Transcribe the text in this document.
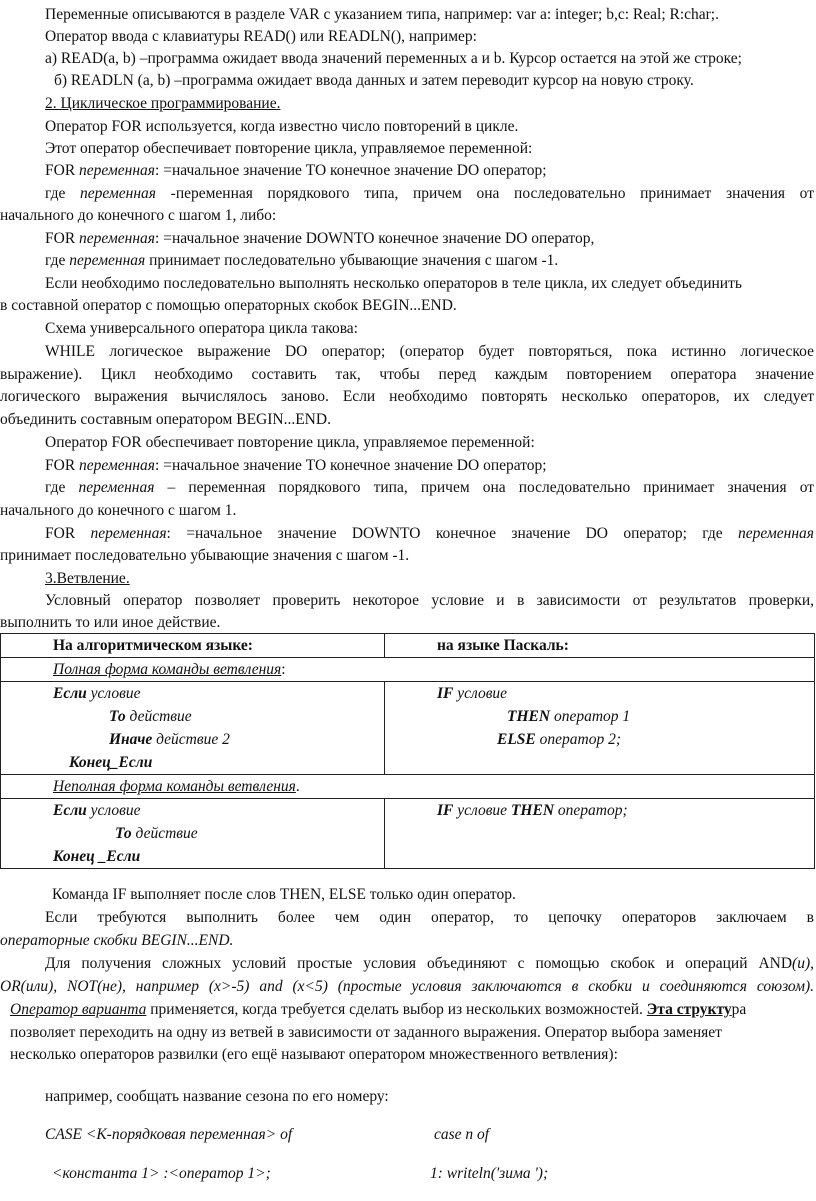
Переменные описываются в разделе VAR с указанием типа, например: var a: integer; b,c: Real; R:char;.
Оператор ввода с клавиатуры READ() или READLN(), например:
а) READ(a, b) –программа ожидает ввода значений переменных а и b. Курсор остается на этой же строке;
б) READLN (a, b) –программа ожидает ввода данных и затем переводит курсор на новую строку.
2. Циклическое программирование.
Оператор FOR используется, когда известно число повторений в цикле.
Этот оператор обеспечивает повторение цикла, управляемое переменной:
FOR переменная: =начальное значение TO конечное значение DO оператор;
где переменная -переменная порядкового типа, причем она последовательно принимает значения от
начального до конечного с шагом 1, либо:
FOR переменная: =начальное значение DOWNTO конечное значение DO оператор,
где переменная принимает последовательно убывающие значения с шагом -1.
Если необходимо последовательно выполнять несколько операторов в теле цикла, их следует объединить
в составной оператор с помощью операторных скобок BEGIN...END.
Схема универсального оператора цикла такова:
WHILE логическое выражение DO оператор; (оператор будет повторяться, пока истинно логическое
выражение). Цикл необходимо составить так, чтобы перед каждым повторением оператора значение
логического выражения вычислялось заново. Если необходимо повторять несколько операторов, их следует
объединить составным оператором BEGIN...END.
Оператор FOR обеспечивает повторение цикла, управляемое переменной:
FOR переменная: =начальное значение TO конечное значение DO оператор;
где переменная – переменная порядкового типа, причем она последовательно принимает значения от
начального до конечного с шагом 1.
FOR переменная: =начальное значение DOWNTO конечное значение DO оператор; где переменная
принимает последовательно убывающие значения с шагом -1.
3.Ветвление.
Условный оператор позволяет проверить некоторое условие и в зависимости от результатов проверки,
выполнить то или иное действие.
На алгоритмическом языке:	на языке Паскаль:
Полная форма команды ветвления:	

Если условие
То действие
Иначе действие 2
Конец_Если	IF условие
THEN оператор 1
ELSE оператор 2;

Неполная форма команды ветвления.	

Если условие
То действие
Конец _Если	IF условие THEN оператор;
Команда IF выполняет после слов THEN, ELSE только один оператор.
Если требуются выполнить более чем один оператор, то цепочку операторов заключаем в
операторные скобки BEGIN...END.
Для получения сложных условий простые условия объединяют с помощью скобок и операций AND(u),
OR(или), NOT(не), например (x>-5) and (x<5) (простые условия заключаются в скобки и соединяются союзом).
Оператор варианта применяется, когда требуется сделать выбор из нескольких возможностей. Эта структура
позволяет переходить на одну из ветвей в зависимости от заданного выражения. Оператор выбора заменяет
несколько операторов развилки (его ещё называют оператором множественного ветвления):
например, сообщать название сезона по его номеру:
CASE <К-порядковая переменная> of	case n of
<константа 1> :<оператор 1>;	1: writeln('зима ');
